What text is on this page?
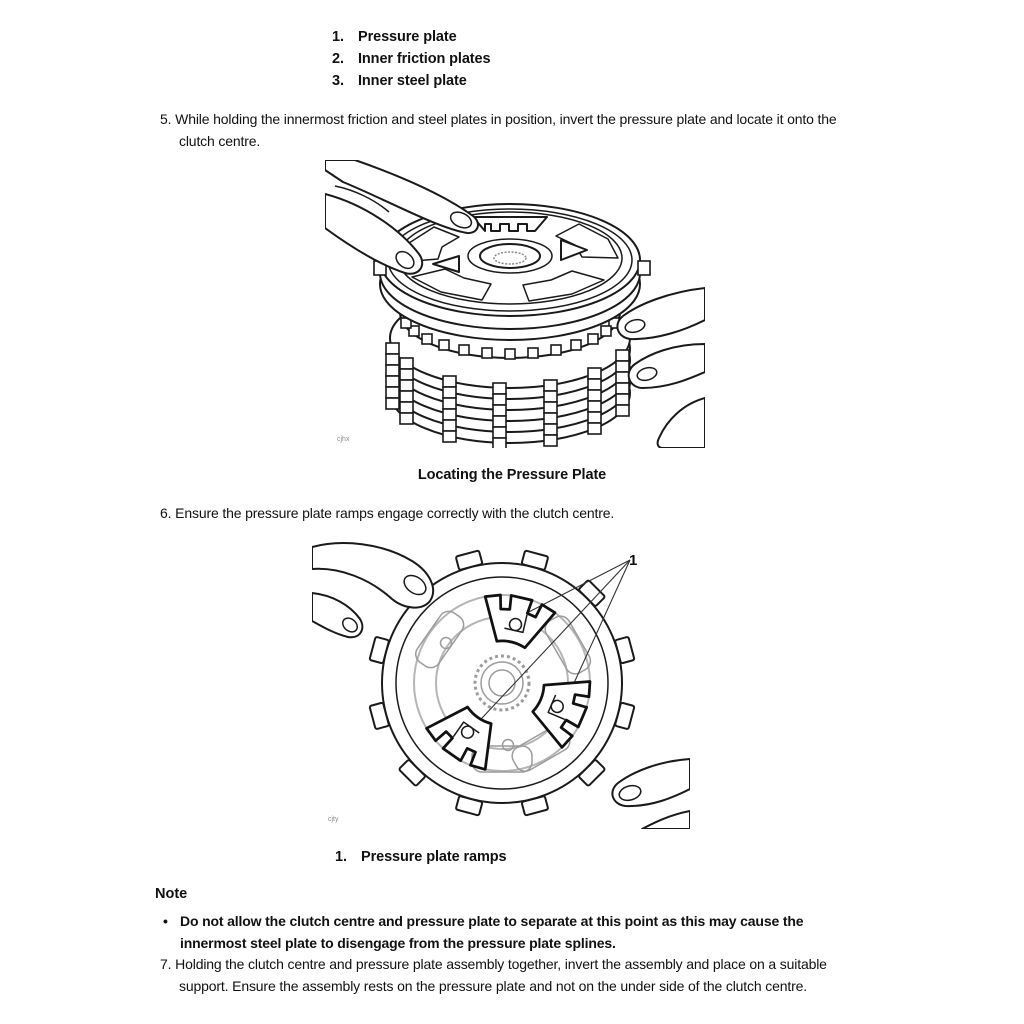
1. Pressure plate
2. Inner friction plates
3. Inner steel plate
5. While holding the innermost friction and steel plates in position, invert the pressure plate and locate it onto the clutch centre.
cjhx
Locating the Pressure Plate
6. Ensure the pressure plate ramps engage correctly with the clutch centre.
1
cjty
1. Pressure plate ramps
Note
• Do not allow the clutch centre and pressure plate to separate at this point as this may cause the innermost steel plate to disengage from the pressure plate splines.
7. Holding the clutch centre and pressure plate assembly together, invert the assembly and place on a suitable support. Ensure the assembly rests on the pressure plate and not on the under side of the clutch centre.
